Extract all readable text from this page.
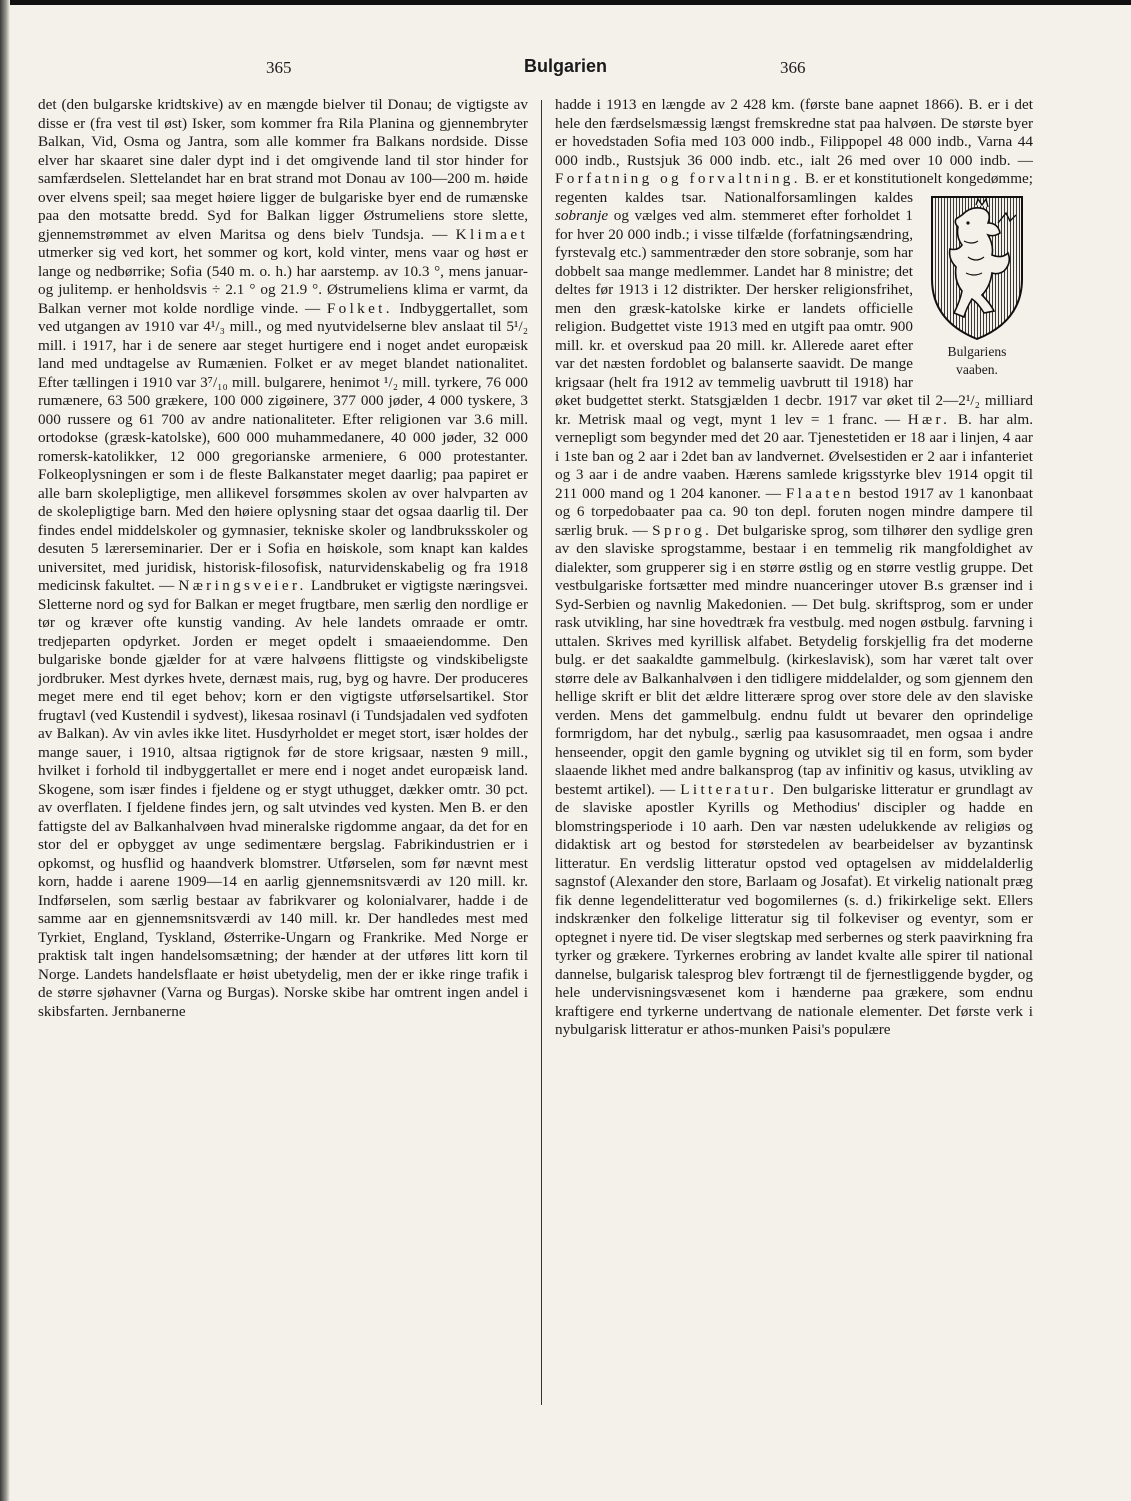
365	Bulgarien	366

det (den bulgarske kridtskive) av en mængde bielver til Donau; de vigtigste av disse er (fra vest til øst) Isker, som kommer fra Rila Planina og gjennembryter Balkan, Vid, Osma og Jantra, som alle kommer fra Balkans nordside. Disse elver har skaaret sine daler dypt ind i det omgivende land til stor hinder for samfærdselen. Slettelandet har en brat strand mot Donau av 100—200 m. høide over elvens speil; saa meget høiere ligger de bulgariske byer end de rumænske paa den motsatte bredd. Syd for Balkan ligger Østrumeliens store slette, gjennemstrømmet av elven Maritsa og dens bielv Tundsja. — Klimaet utmerker sig ved kort, het sommer og kort, kold vinter, mens vaar og høst er lange og nedbørrike; Sofia (540 m. o. h.) har aarstemp. av 10.3 °, mens januar- og julitemp. er henholdsvis ÷ 2.1 ° og 21.9 °. Østrumeliens klima er varmt, da Balkan verner mot kolde nordlige vinde. — Folket. Indbyggertallet, som ved utgangen av 1910 var 4¹/₃ mill., og med nyutvidelserne blev anslaat til 5¹/₂ mill. i 1917, har i de senere aar steget hurtigere end i noget andet europæisk land med undtagelse av Rumænien. Folket er av meget blandet nationalitet. Efter tællingen i 1910 var 3⁷/₁₀ mill. bulgarere, henimot ¹/₂ mill. tyrkere, 76 000 rumænere, 63 500 grækere, 100 000 zigøinere, 377 000 jøder, 4 000 tyskere, 3 000 russere og 61 700 av andre nationaliteter. Efter religionen var 3.6 mill. ortodokse (græsk-katolske), 600 000 muhammedanere, 40 000 jøder, 32 000 romersk-katolikker, 12 000 gregorianske armeniere, 6 000 protestanter. Folkeoplysningen er som i de fleste Balkanstater meget daarlig; paa papiret er alle barn skolepligtige, men allikevel forsømmes skolen av over halvparten av de skolepligtige barn. Med den høiere oplysning staar det ogsaa daarlig til. Der findes endel middelskoler og gymnasier, tekniske skoler og landbruksskoler og desuten 5 lærerseminarier. Der er i Sofia en høiskole, som knapt kan kaldes universitet, med juridisk, historisk-filosofisk, naturvidenskabelig og fra 1918 medicinsk fakultet. — Næringsveier. Landbruket er vigtigste næringsvei. Sletterne nord og syd for Balkan er meget frugtbare, men særlig den nordlige er tør og kræver ofte kunstig vanding. Av hele landets omraade er omtr. tredjeparten opdyrket. Jorden er meget opdelt i smaaeiendomme. Den bulgariske bonde gjælder for at være halvøens flittigste og vindskibeligste jordbruker. Mest dyrkes hvete, dernæst mais, rug, byg og havre. Der produceres meget mere end til eget behov; korn er den vigtigste utførselsartikel. Stor frugtavl (ved Kustendil i sydvest), likesaa rosinavl (i Tundsjadalen ved sydfoten av Balkan). Av vin avles ikke litet. Husdyrholdet er meget stort, især holdes der mange sauer, i 1910, altsaa rigtignok før de store krigsaar, næsten 9 mill., hvilket i forhold til indbyggertallet er mere end i noget andet europæisk land. Skogene, som især findes i fjeldene og er stygt uthugget, dækker omtr. 30 pct. av overflaten. I fjeldene findes jern, og salt utvindes ved kysten. Men B. er den fattigste del av Balkanhalvøen hvad mineralske rigdomme angaar, da det for en stor del er opbygget av unge sedimentære bergslag. Fabrikindustrien er i opkomst, og husflid og haandverk blomstrer. Utførselen, som før nævnt mest korn, hadde i aarene 1909—14 en aarlig gjennemsnitsværdi av 120 mill. kr. Indførselen, som særlig bestaar av fabrikvarer og kolonialvarer, hadde i de samme aar en gjennemsnitsværdi av 140 mill. kr. Der handledes mest med Tyrkiet, England, Tyskland, Østerrike-Ungarn og Frankrike. Med Norge er praktisk talt ingen handelsomsætning; der hænder at der utføres litt korn til Norge. Landets handelsflaate er høist ubetydelig, men der er ikke ringe trafik i de større sjøhavner (Varna og Burgas). Norske skibe har omtrent ingen andel i skibsfarten. Jernbanerne

hadde i 1913 en længde av 2 428 km. (første bane aapnet 1866). B. er i det hele den færdselsmæssig længst fremskredne stat paa halvøen. De største byer er hovedstaden Sofia med 103 000 indb., Filippopel 48 000 indb., Varna 44 000 indb., Rustsjuk 36 000 indb. etc., ialt 26 med over 10 000 indb. — Forfatning og forvaltning. B. er et konstitutionelt kongedømme; regenten kaldes tsar. Nationalforsamlingen kaldes
Bulgariens
vaaben.
sobranje og vælges ved alm. stemmeret efter forholdet 1 for hver 20 000 indb.; i visse tilfælde (forfatningsændring, fyrstevalg etc.) sammentræder den store sobranje, som har dobbelt saa mange medlemmer. Landet har 8 ministre; det deltes før 1913 i 12 distrikter. Der hersker religionsfrihet, men den græsk-katolske kirke er landets officielle religion. Budgettet viste 1913 med en utgift paa omtr. 900 mill. kr. et overskud paa 20 mill. kr. Allerede aaret efter var det næsten fordoblet og balanserte saavidt. De mange krigsaar (helt fra 1912 av temmelig uavbrutt til 1918) har øket budgettet sterkt. Statsgjælden 1 decbr. 1917 var øket til 2—2¹/₂ milliard kr. Metrisk maal og vegt, mynt 1 lev = 1 franc. — Hær. B. har alm. vernepligt som begynder med det 20 aar. Tjenestetiden er 18 aar i linjen, 4 aar i 1ste ban og 2 aar i 2det ban av landvernet. Øvelsestiden er 2 aar i infanteriet og 3 aar i de andre vaaben. Hærens samlede krigsstyrke blev 1914 opgit til 211 000 mand og 1 204 kanoner. — Flaaten bestod 1917 av 1 kanonbaat og 6 torpedobaater paa ca. 90 ton depl. foruten nogen mindre dampere til særlig bruk. — Sprog. Det bulgariske sprog, som tilhører den sydlige gren av den slaviske sprogstamme, bestaar i en temmelig rik mangfoldighet av dialekter, som grupperer sig i en større østlig og en større vestlig gruppe. Det vestbulgariske fortsætter med mindre nuanceringer utover B.s grænser ind i Syd-Serbien og navnlig Makedonien. — Det bulg. skriftsprog, som er under rask utvikling, har sine hovedtræk fra vestbulg. med nogen østbulg. farvning i uttalen. Skrives med kyrillisk alfabet. Betydelig forskjellig fra det moderne bulg. er det saakaldte gammelbulg. (kirkeslavisk), som har været talt over større dele av Balkanhalvøen i den tidligere middelalder, og som gjennem den hellige skrift er blit det ældre litterære sprog over store dele av den slaviske verden. Mens det gammelbulg. endnu fuldt ut bevarer den oprindelige formrigdom, har det nybulg., særlig paa kasusomraadet, men ogsaa i andre henseender, opgit den gamle bygning og utviklet sig til en form, som byder slaaende likhet med andre balkansprog (tap av infinitiv og kasus, utvikling av bestemt artikel). — Litteratur. Den bulgariske litteratur er grundlagt av de slaviske apostler Kyrills og Methodius' discipler og hadde en blomstringsperiode i 10 aarh. Den var næsten udelukkende av religiøs og didaktisk art og bestod for størstedelen av bearbeidelser av byzantinsk litteratur. En verdslig litteratur opstod ved optagelsen av middelalderlig sagnstof (Alexander den store, Barlaam og Josafat). Et virkelig nationalt præg fik denne legendelitteratur ved bogomilernes (s. d.) frikirkelige sekt. Ellers indskrænker den folkelige litteratur sig til folkeviser og eventyr, som er optegnet i nyere tid. De viser slegtskap med serbernes og sterk paavirkning fra tyrker og grækere. Tyrkernes erobring av landet kvalte alle spirer til national dannelse, bulgarisk talesprog blev fortrængt til de fjernestliggende bygder, og hele undervisningsvæsenet kom i hænderne paa grækere, som endnu kraftigere end tyrkerne undertvang de nationale elementer. Det første verk i nybulgarisk litteratur er athos-munken Paisi's populære
